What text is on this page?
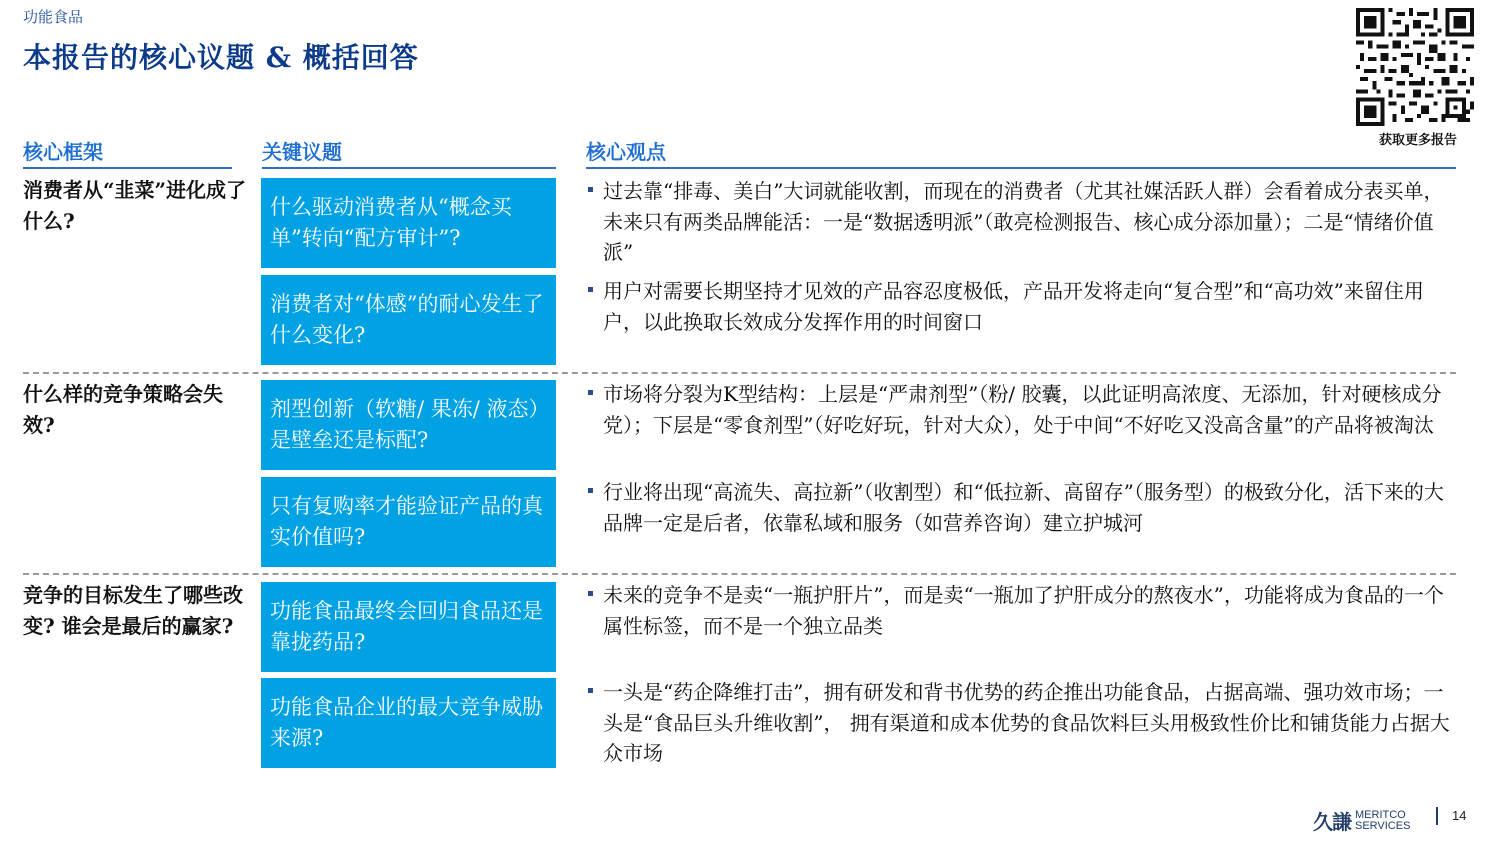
功能食品
本报告的核心议题 & 概括回答
获取更多报告
核心框架	关键议题	核心观点
消费者从“韭菜”进化成了什么?
什么驱动消费者从“概念买单”转向“配方审计”?
消费者对“体感”的耐心发生了什么变化?
过去靠“排毒、美白”大词就能收割，而现在的消费者（尤其社媒活跃人群）会看着成分表买单，未来只有两类品牌能活：一是“数据透明派”（敢亮检测报告、核心成分添加量）；二是“情绪价值派”
用户对需要长期坚持才见效的产品容忍度极低，产品开发将走向“复合型”和“高功效”来留住用户，以此换取长效成分发挥作用的时间窗口
什么样的竞争策略会失效?
剂型创新（软糖/ 果冻/ 液态）是壁垒还是标配?
只有复购率才能验证产品的真实价值吗?
市场将分裂为K型结构：上层是“严肃剂型”（粉/ 胶囊，以此证明高浓度、无添加，针对硬核成分党）；下层是“零食剂型”（好吃好玩，针对大众），处于中间“不好吃又没高含量”的产品将被淘汰
行业将出现“高流失、高拉新”（收割型）和“低拉新、高留存”（服务型）的极致分化，活下来的大品牌一定是后者，依靠私域和服务（如营养咨询）建立护城河
竞争的目标发生了哪些改变? 谁会是最后的赢家?
功能食品最终会回归食品还是靠拢药品?
功能食品企业的最大竞争威胁来源?
未来的竞争不是卖“一瓶护肝片”，而是卖“一瓶加了护肝成分的熬夜水”，功能将成为食品的一个属性标签，而不是一个独立品类
一头是“药企降维打击”，拥有研发和背书优势的药企推出功能食品，占据高端、强功效市场；一头是“食品巨头升维收割”， 拥有渠道和成本优势的食品饮料巨头用极致性价比和铺货能力占据大众市场
久謙 MERITCO
SERVICES
14
